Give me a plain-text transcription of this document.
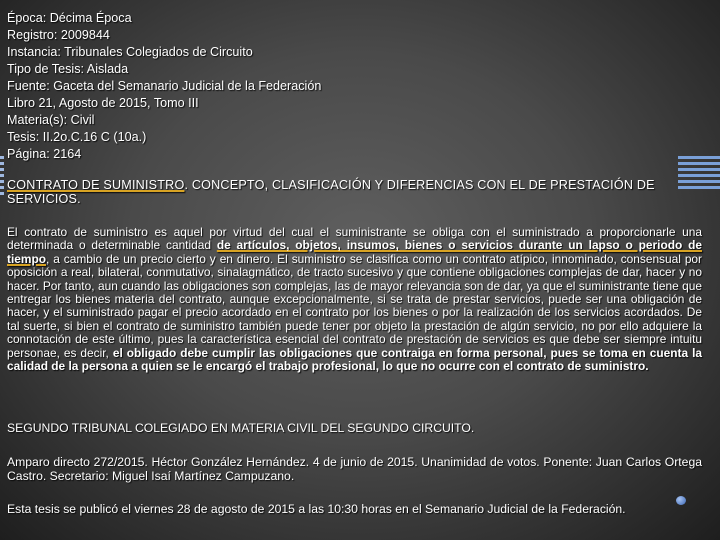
Época: Décima Época
Registro: 2009844
Instancia: Tribunales Colegiados de Circuito
Tipo de Tesis: Aislada
Fuente: Gaceta del Semanario Judicial de la Federación
Libro 21, Agosto de 2015, Tomo III
Materia(s): Civil
Tesis: II.2o.C.16 C (10a.)
Página: 2164
CONTRATO DE SUMINISTRO. CONCEPTO, CLASIFICACIÓN Y DIFERENCIAS CON EL DE PRESTACIÓN DE SERVICIOS.
El contrato de suministro es aquel por virtud del cual el suministrante se obliga con el suministrado a proporcionarle una determinada o determinable cantidad de artículos, objetos, insumos, bienes o servicios durante un lapso o periodo de tiempo, a cambio de un precio cierto y en dinero. El suministro se clasifica como un contrato atípico, innominado, consensual por oposición a real, bilateral, conmutativo, sinalagmático, de tracto sucesivo y que contiene obligaciones complejas de dar, hacer y no hacer. Por tanto, aun cuando las obligaciones son complejas, las de mayor relevancia son de dar, ya que el suministrante tiene que entregar los bienes materia del contrato, aunque excepcionalmente, si se trata de prestar servicios, puede ser una obligación de hacer, y el suministrado pagar el precio acordado en el contrato por los bienes o por la realización de los servicios acordados. De tal suerte, si bien el contrato de suministro también puede tener por objeto la prestación de algún servicio, no por ello adquiere la connotación de este último, pues la característica esencial del contrato de prestación de servicios es que debe ser siempre intuitu personae, es decir, el obligado debe cumplir las obligaciones que contraiga en forma personal, pues se toma en cuenta la calidad de la persona a quien se le encargó el trabajo profesional, lo que no ocurre con el contrato de suministro.
SEGUNDO TRIBUNAL COLEGIADO EN MATERIA CIVIL DEL SEGUNDO CIRCUITO.
Amparo directo 272/2015. Héctor González Hernández. 4 de junio de 2015. Unanimidad de votos. Ponente: Juan Carlos Ortega Castro. Secretario: Miguel Isaí Martínez Campuzano.
Esta tesis se publicó el viernes 28 de agosto de 2015 a las 10:30 horas en el Semanario Judicial de la Federación.
